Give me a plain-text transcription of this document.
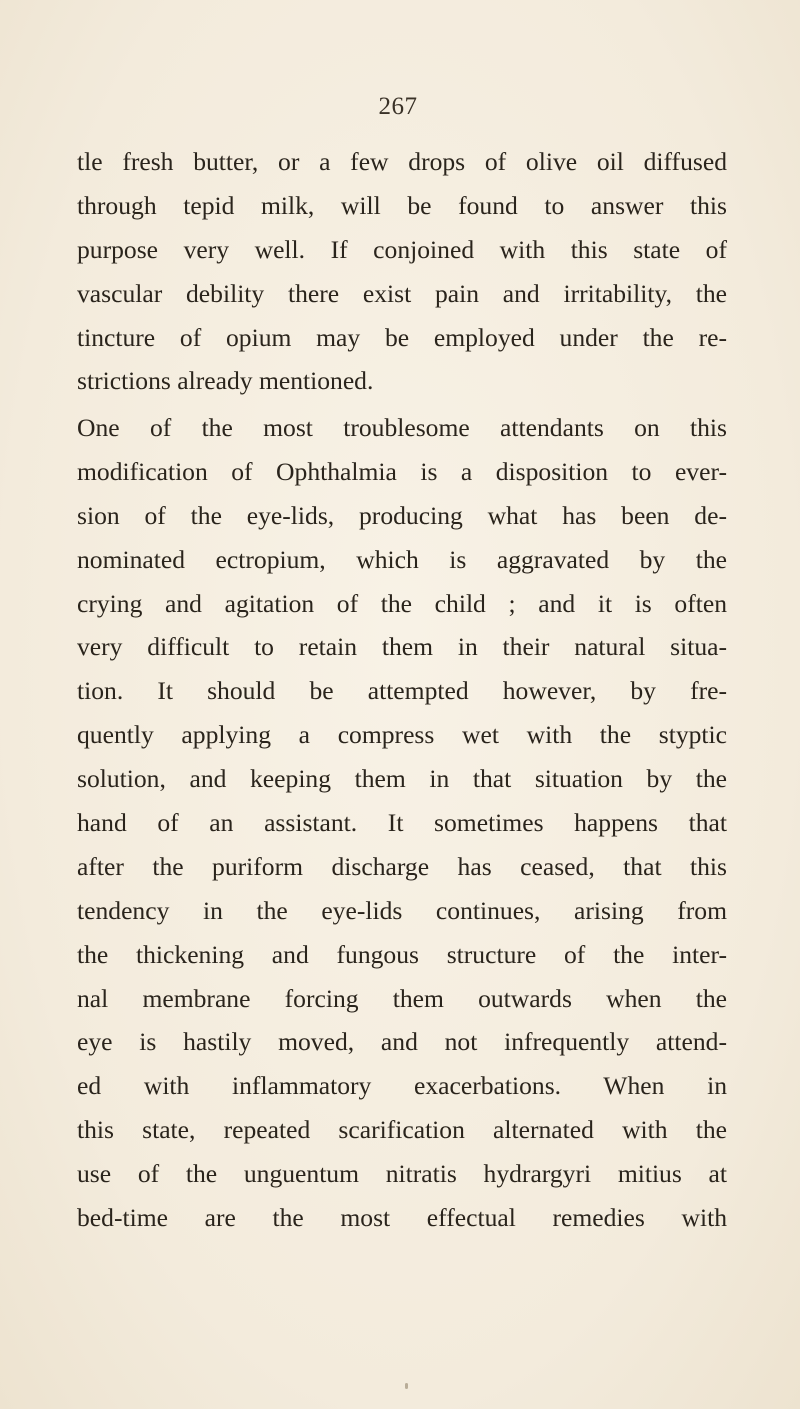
267
tle fresh butter, or a few drops of olive oil diffused
through tepid milk, will be found to answer this
purpose very well. If conjoined with this state of
vascular debility there exist pain and irritability, the
tincture of opium may be employed under the re-
strictions already mentioned.
One of the most troublesome attendants on this
modification of Ophthalmia is a disposition to ever-
sion of the eye-lids, producing what has been de-
nominated ectropium, which is aggravated by the
crying and agitation of the child ; and it is often
very difficult to retain them in their natural situa-
tion. It should be attempted however, by fre-
quently applying a compress wet with the styptic
solution, and keeping them in that situation by the
hand of an assistant. It sometimes happens that
after the puriform discharge has ceased, that this
tendency in the eye-lids continues, arising from
the thickening and fungous structure of the inter-
nal membrane forcing them outwards when the
eye is hastily moved, and not infrequently attend-
ed with inflammatory exacerbations. When in
this state, repeated scarification alternated with the
use of the unguentum nitratis hydrargyri mitius at
bed-time are the most effectual remedies with
